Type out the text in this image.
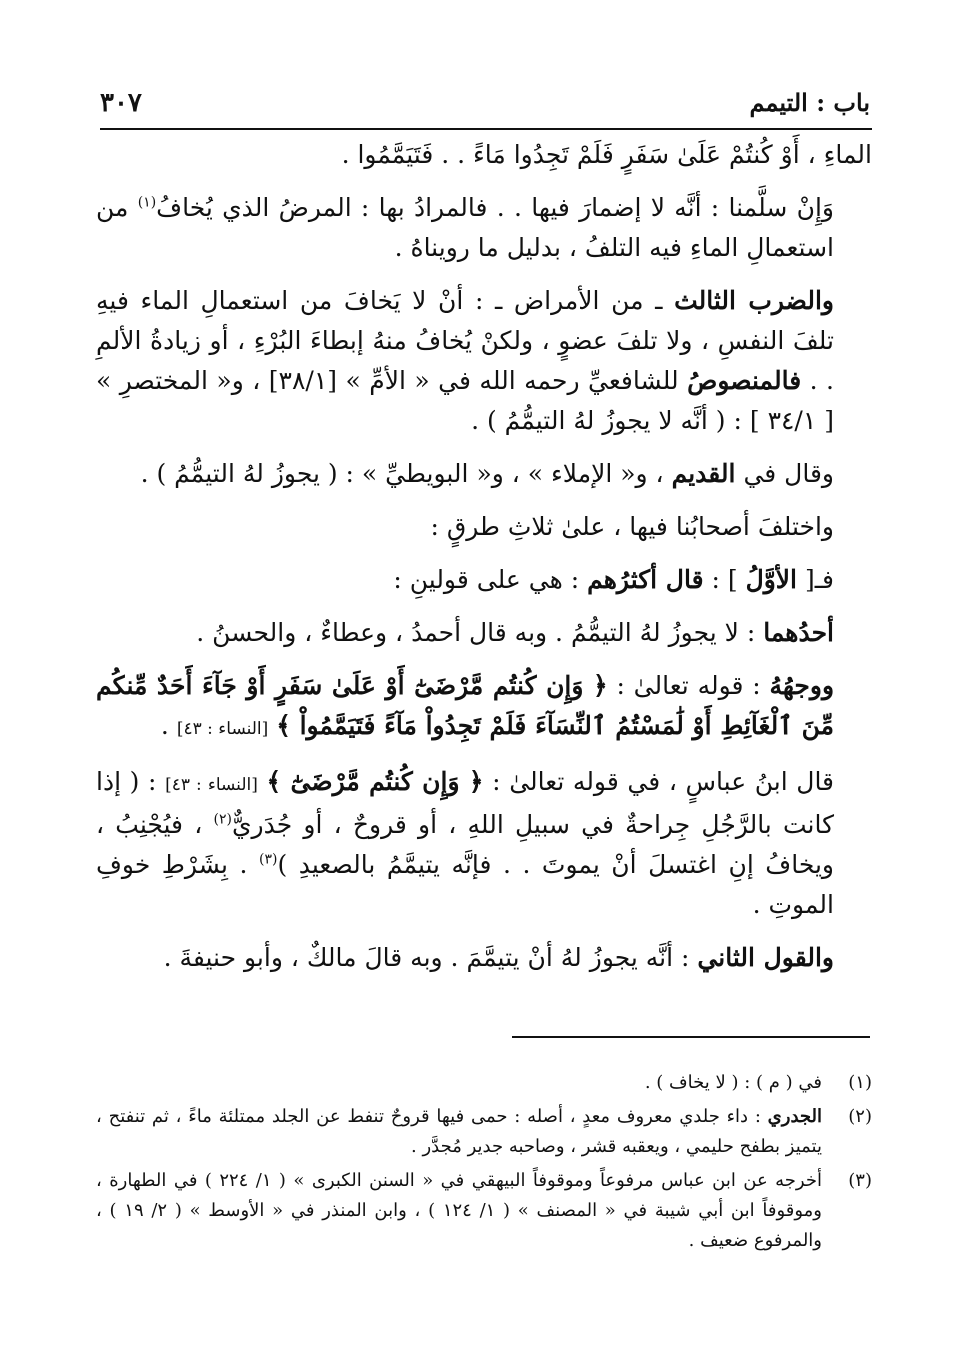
باب : التيمم
٣٠٧

الماءِ ، أَوْ كُنتُمْ عَلَىٰ سَفَرٍ فَلَمْ تَجِدُوا مَاءً . . فَتَيَمَّمُوا .

وَإِنْ سلَّمنا : أنَّه لا إضمارَ فيها . . فالمرادُ بها : المرضُ الذي يُخافُ$^{(١)}$ من استعمالِ الماءِ فيه التلفُ ، بدليل ما رويناهُ .

والضرب الثالث ـ من الأمراض ـ : أنْ لا يَخافَ من استعمالِ الماء فيهِ تلفَ النفسِ ، ولا تلفَ عضوٍ ، ولكنْ يُخافُ منهُ إبطاءَ البُرْءِ ، أو زيادةُ الألمِ . . فالمنصوصُ للشافعيِّ رحمه الله في « الأمِّ » [٣٨/١] ، و« المختصرِ » [ ٣٤/١ ] : ( أنَّه لا يجوزُ لهُ التيمُّمُ ) .

وقال في القديم ، و« الإملاء » ، و« البويطيِّ » : ( يجوزُ لهُ التيمُّمُ ) .

واختلفَ أصحابُنا فيها ، علىٰ ثلاثِ طرقٍ :

فـ[ الأوَّلُ ] : قال أكثرُهم : هي على قولينِ :

أحدُهما : لا يجوزُ لهُ التيمُّمُ . وبه قال أحمدُ ، وعطاءٌ ، والحسنُ .

ووجهُهُ : قوله تعالىٰ : ﴿ وَإِن كُنتُم مَّرْضَىٰٓ أَوْ عَلَىٰ سَفَرٍ أَوْ جَآءَ أَحَدٌ مِّنكُم مِّنَ ٱلْغَآئِطِ أَوْ لَٰمَسْتُمُ ٱلنِّسَآءَ فَلَمْ تَجِدُواْ مَآءً فَتَيَمَّمُواْ ﴾ [النساء : ٤٣] .

قال ابنُ عباسٍ ، في قوله تعالىٰ : ﴿ وَإِن كُنتُم مَّرْضَىٰٓ ﴾ [النساء : ٤٣] : ( إذا كانت بالرَّجُلِ جِراحةٌ في سبيلِ اللهِ ، أو قروحٌ ، أو جُدَريٌّ$^{(٢)}$ ، فيُجْنِبُ ، ويخافُ إنِ اغتسلَ أنْ يموتَ . . فإنَّه يتيمَّمُ بالصعيدِ )$^{(٣)}$ . بِشَرْطِ خوفِ الموتِ .

والقول الثاني : أنَّه يجوزُ لهُ أنْ يتيمَّمَ . وبه قالَ مالكٌ ، وأبو حنيفةَ .

(١)
في ( م ) : ( لا يخاف ) .
(٢)
الجدري : داء جلدي معروف معدٍ ، أصله : حمى فيها قروحٌ تنفط عن الجلد ممتلئة ماءً ، ثم تنفتح ، يتميز بطفح حليمي ، ويعقبه قشر ، وصاحبه جدير مُجدَّر .
(٣)
أخرجه عن ابن عباس مرفوعاً وموقوفاً البيهقي في « السنن الكبرى » ( ١/ ٢٢٤ ) في الطهارة ، وموقوفاً ابن أبي شيبة في « المصنف » ( ١/ ١٢٤ ) ، وابن المنذر في « الأوسط » ( ٢/ ١٩ ) ، والمرفوع ضعيف .
